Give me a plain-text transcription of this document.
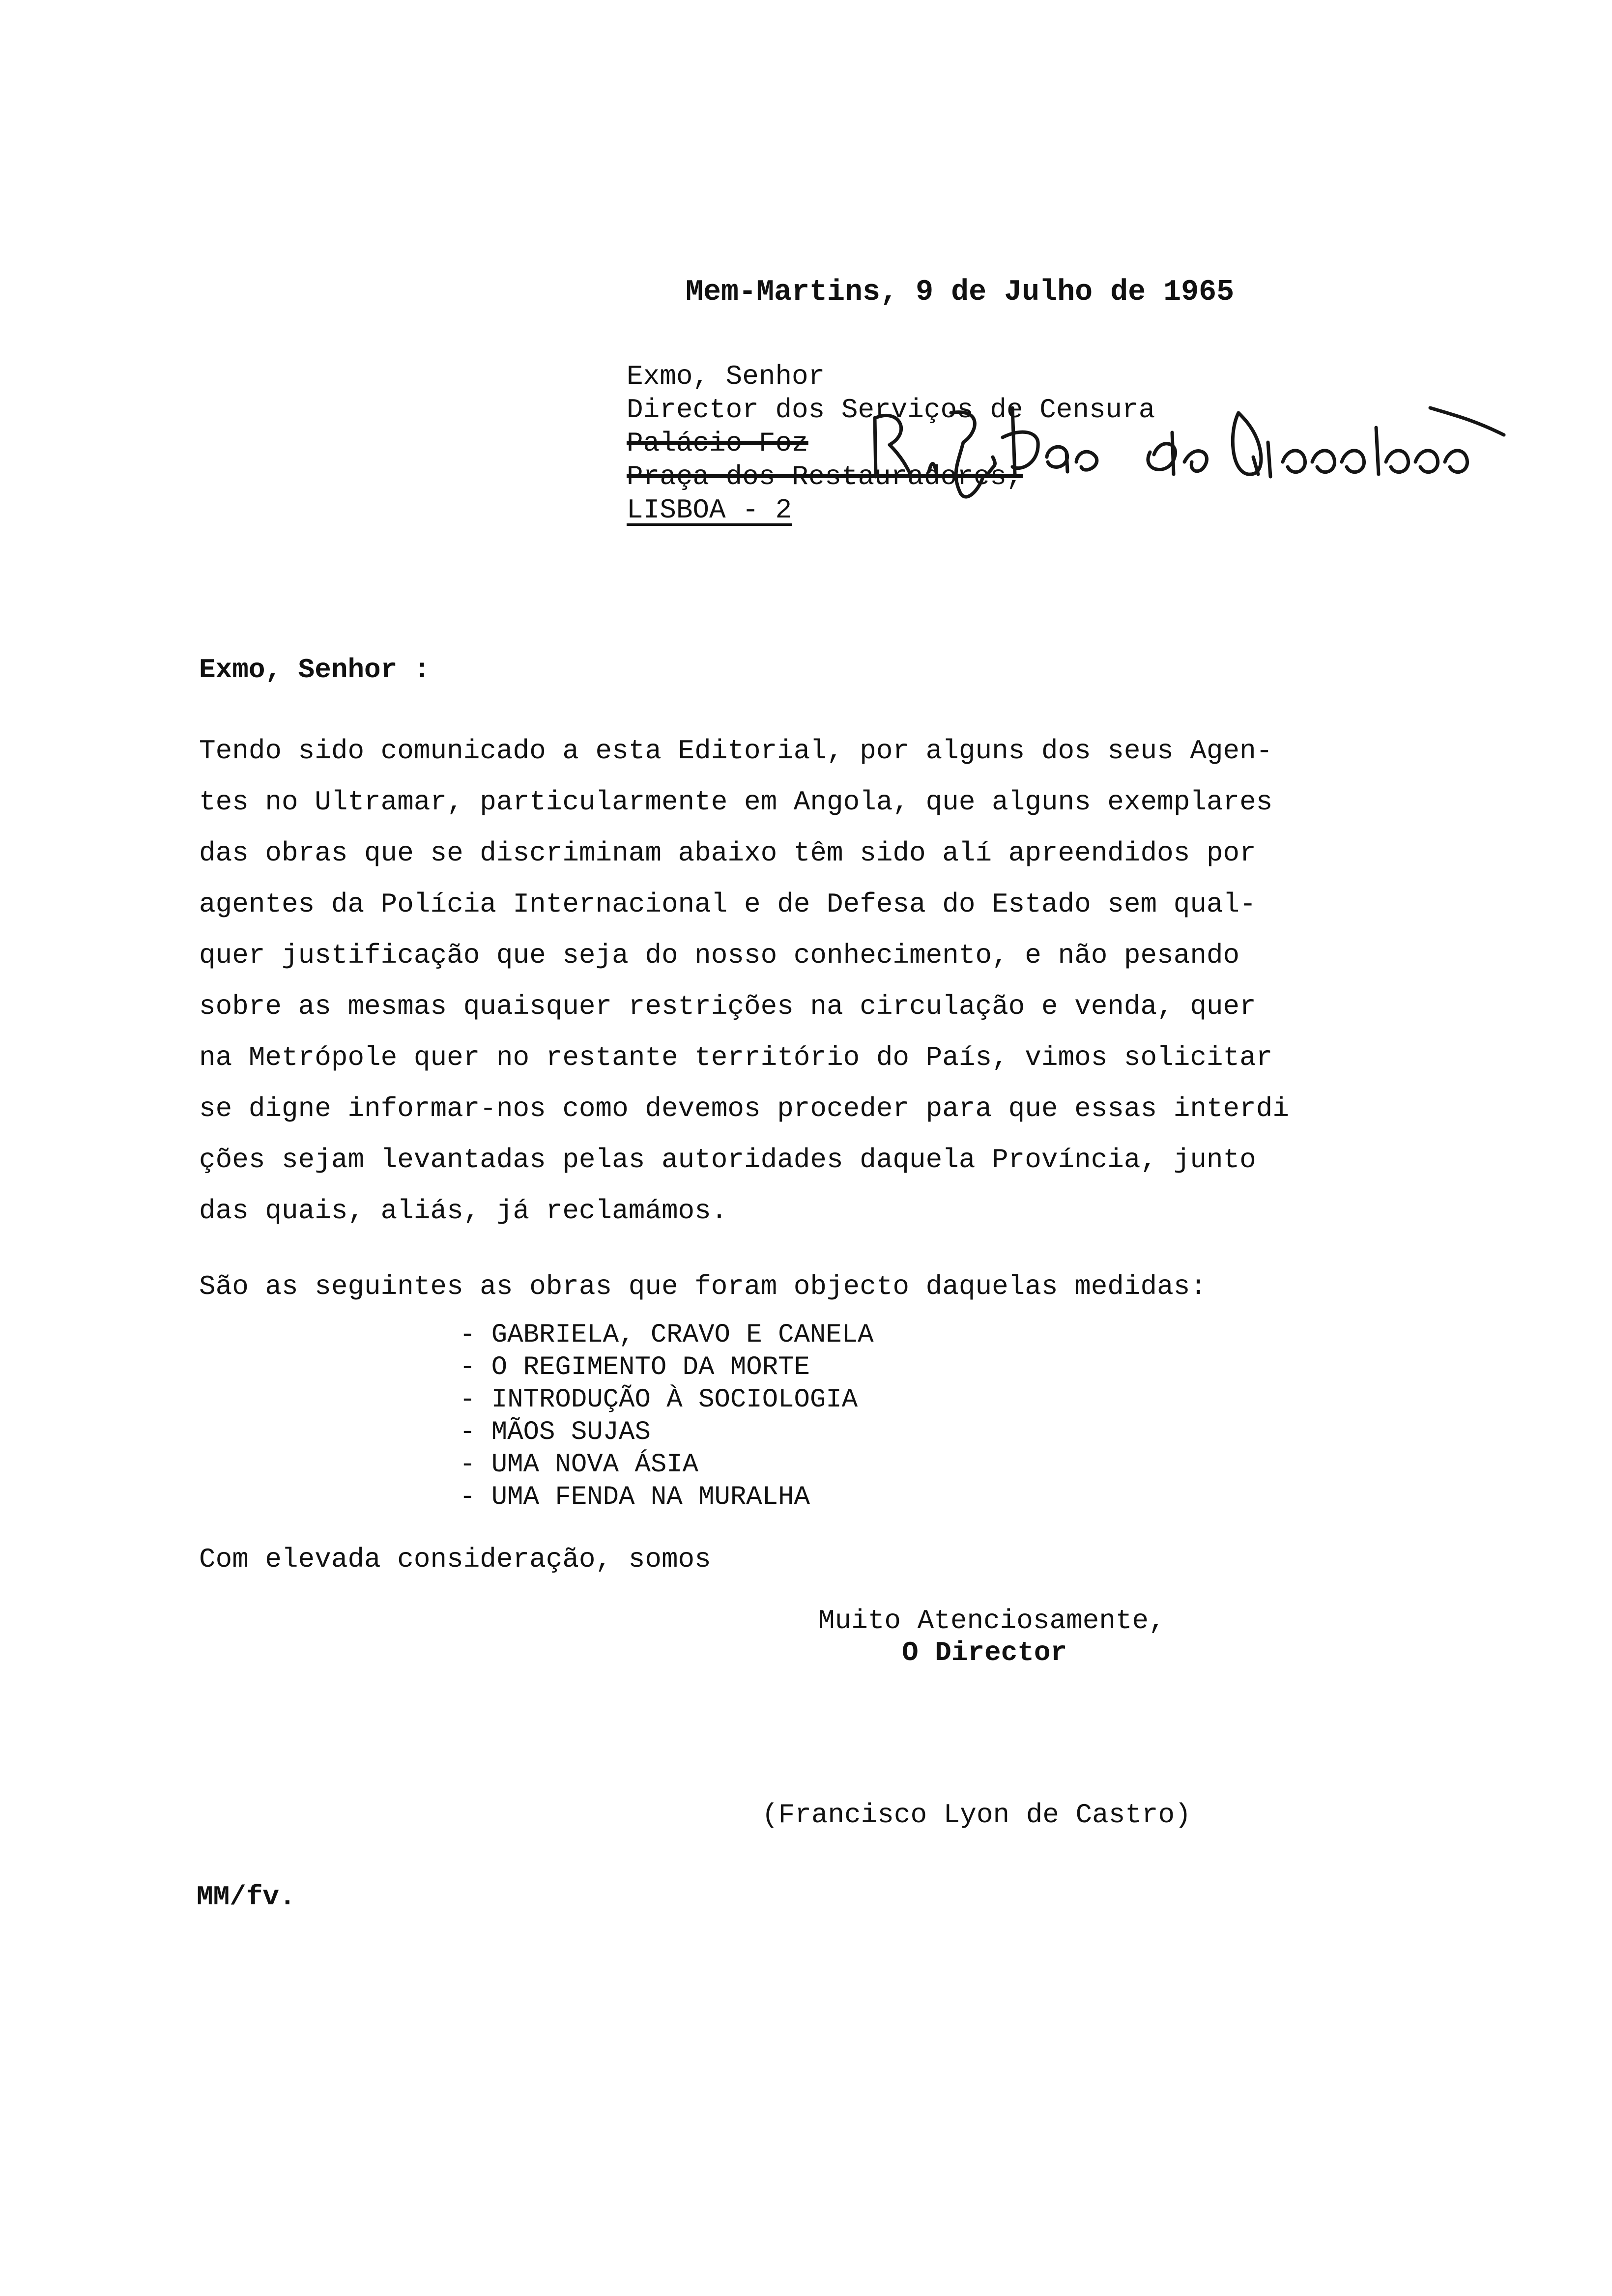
Mem-Martins, 9 de Julho de 1965
Exmo, Senhor
Director dos Serviços de Censura
Palácio Foz
Praça dos Restauradores,
LISBOA - 2
Exmo, Senhor :
Tendo sido comunicado a esta Editorial, por alguns dos seus Agen-
tes no Ultramar, particularmente em Angola, que alguns exemplares
das obras que se discriminam abaixo têm sido alí apreendidos por
agentes da Polícia Internacional e de Defesa do Estado sem qual-
quer justificação que seja do nosso conhecimento, e não pesando
sobre as mesmas quaisquer restrições na circulação e venda, quer
na Metrópole quer no restante território do País, vimos solicitar
se digne informar-nos como devemos proceder para que essas interdi
ções sejam levantadas pelas autoridades daquela Província, junto
das quais, aliás, já reclamámos.
São as seguintes as obras que foram objecto daquelas medidas:
- GABRIELA, CRAVO E CANELA
- O REGIMENTO DA MORTE
- INTRODUÇÃO À SOCIOLOGIA
- MÃOS SUJAS
- UMA NOVA ÁSIA
- UMA FENDA NA MURALHA
Com elevada consideração, somos
Muito Atenciosamente,
O Director
(Francisco Lyon de Castro)
MM/fv.
